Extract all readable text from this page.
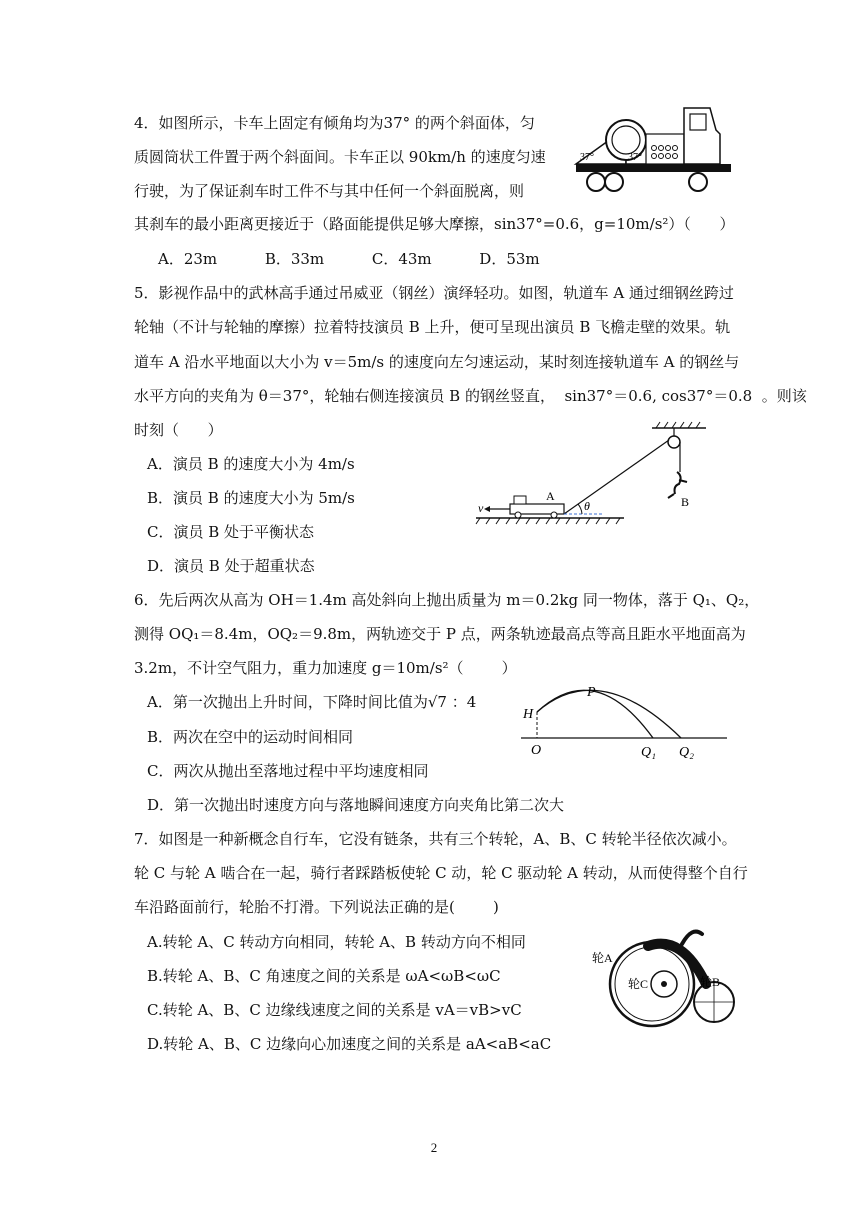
4．如图所示，卡车上固定有倾角均为37° 的两个斜面体，匀
质圆筒状工件置于两个斜面间。卡车正以 90km/h 的速度匀速
行驶，为了保证刹车时工件不与其中任何一个斜面脱离，则
其刹车的最小距离更接近于（路面能提供足够大摩擦，sin37°=0.6，g=10m/s²）（      ）
A．23m          B．33m          C．43m          D．53m
37°	37°
5．影视作品中的武林高手通过吊威亚（钢丝）演绎轻功。如图，轨道车 A 通过细钢丝跨过
轮轴（不计与轮轴的摩擦）拉着特技演员 B 上升，便可呈现出演员 B 飞檐走壁的效果。轨
道车 A 沿水平地面以大小为 v＝5m/s 的速度向左匀速运动，某时刻连接轨道车 A 的钢丝与
水平方向的夹角为 θ＝37°，轮轴右侧连接演员 B 的钢丝竖直，  sin37°＝0.6, cos37°＝0.8  。则该
时刻（      ）
A．演员 B 的速度大小为 4m/s
B．演员 B 的速度大小为 5m/s
C．演员 B 处于平衡状态
D．演员 B 处于超重状态
B
v
A
θ
6．先后两次从高为 OH＝1.4m 高处斜向上抛出质量为 m＝0.2kg 同一物体，落于 Q₁、Q₂，
测得 OQ₁＝8.4m，OQ₂＝9.8m，两轨迹交于 P 点，两条轨迹最高点等高且距水平地面高为
3.2m，不计空气阻力，重力加速度 g＝10m/s²（        ）
A．第一次抛出上升时间，下降时间比值为√7 ：4
B．两次在空中的运动时间相同
C．两次从抛出至落地过程中平均速度相同
D．第一次抛出时速度方向与落地瞬间速度方向夹角比第二次大
H
P
O	Q₁ Q₂
7．如图是一种新概念自行车，它没有链条，共有三个转轮，A、B、C 转轮半径依次减小。
轮 C 与轮 A 啮合在一起，骑行者踩踏板使轮 C 动，轮 C 驱动轮 A 转动，从而使得整个自行
车沿路面前行，轮胎不打滑。下列说法正确的是(        )
A.转轮 A、C 转动方向相同，转轮 A、B 转动方向不相同
B.转轮 A、B、C 角速度之间的关系是 ωA<ωB<ωC
C.转轮 A、B、C 边缘线速度之间的关系是 vA＝vB>vC
D.转轮 A、B、C 边缘向心加速度之间的关系是 aA<aB<aC
轮A
轮C	轮B
2
